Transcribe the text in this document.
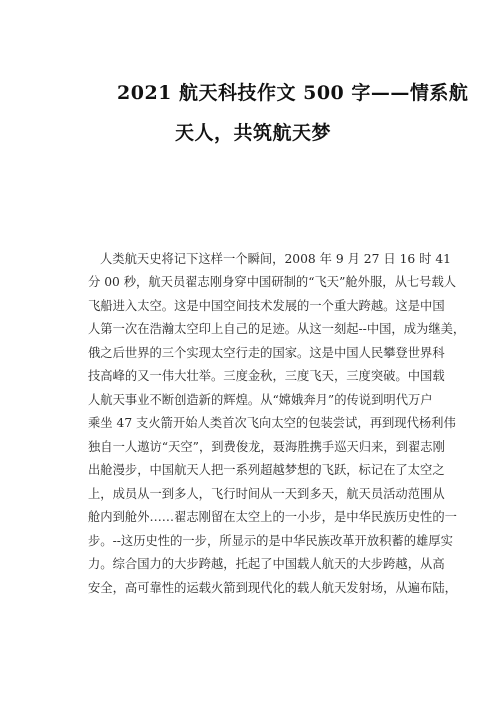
2021 航天科技作文 500 字——情系航
天人，共筑航天梦
人类航天史将记下这样一个瞬间，2008 年 9 月 27 日 16 时 41
分 00 秒，航天员翟志刚身穿中国研制的“飞天”舱外服，从七号载人
飞船进入太空。这是中国空间技术发展的一个重大跨越。这是中国
人第一次在浩瀚太空印上自己的足迹。从这一刻起--中国，成为继美，
俄之后世界的三个实现太空行走的国家。这是中国人民攀登世界科
技高峰的又一伟大壮举。三度金秋，三度飞天，三度突破。中国载
人航天事业不断创造新的辉煌。从“嫦娥奔月”的传说到明代万户
乘坐 47 支火箭开始人类首次飞向太空的包装尝试，再到现代杨利伟
独自一人遨访“天空”，到费俊龙，聂海胜携手巡天归来，到翟志刚
出舱漫步，中国航天人把一系列超越梦想的飞跃，标记在了太空之
上，成员从一到多人，飞行时间从一天到多天，航天员活动范围从
舱内到舱外……翟志刚留在太空上的一小步，是中华民族历史性的一
步。--这历史性的一步，所显示的是中华民族改革开放积蓄的雄厚实
力。综合国力的大步跨越，托起了中国载人航天的大步跨越，从高
安全，高可靠性的运载火箭到现代化的载人航天发射场，从遍布陆，
